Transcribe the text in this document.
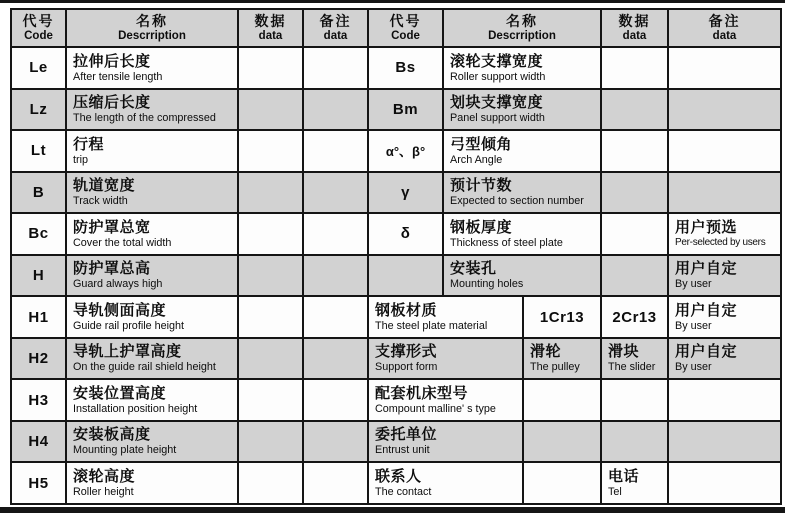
代号
Code
名称
Descrription
数据
data
备注
data
代号
Code
名称
Descrription
数据
data
备注
data
Le 拉伸后长度
After tensile length
Bs 滚轮支撑宽度
Roller support width
Lz 压缩后长度
The length of the compressed
Bm 划块支撑宽度
Panel support width
Lt 行程
trip
α°、β° 弓型倾角
Arch Angle
B 轨道宽度
Track width
γ	预计节数
Expected to section number
Bc 防护罩总宽
Cover the total width
δ	钢板厚度
Thickness of steel plate
用户预选
Per-selected by users
H 防护罩总高
Guard always high
安装孔
Mounting holes
用户自定
By user
H1 导轨侧面高度
Guide rail profile height
钢板材质
The steel plate material
1Cr13 2Cr13 用户自定
By user
H2 导轨上护罩高度
On the guide rail shield height
支撑形式
Support form
滑轮
The pulley
滑块
The slider
用户自定
By user
H3 安装位置高度
Installation position height
配套机床型号
Compount malline' s type
H4 安装板高度
Mounting plate height
委托单位
Entrust unit
H5 滚轮高度
Roller height
联系人
The contact
电话
Tel
